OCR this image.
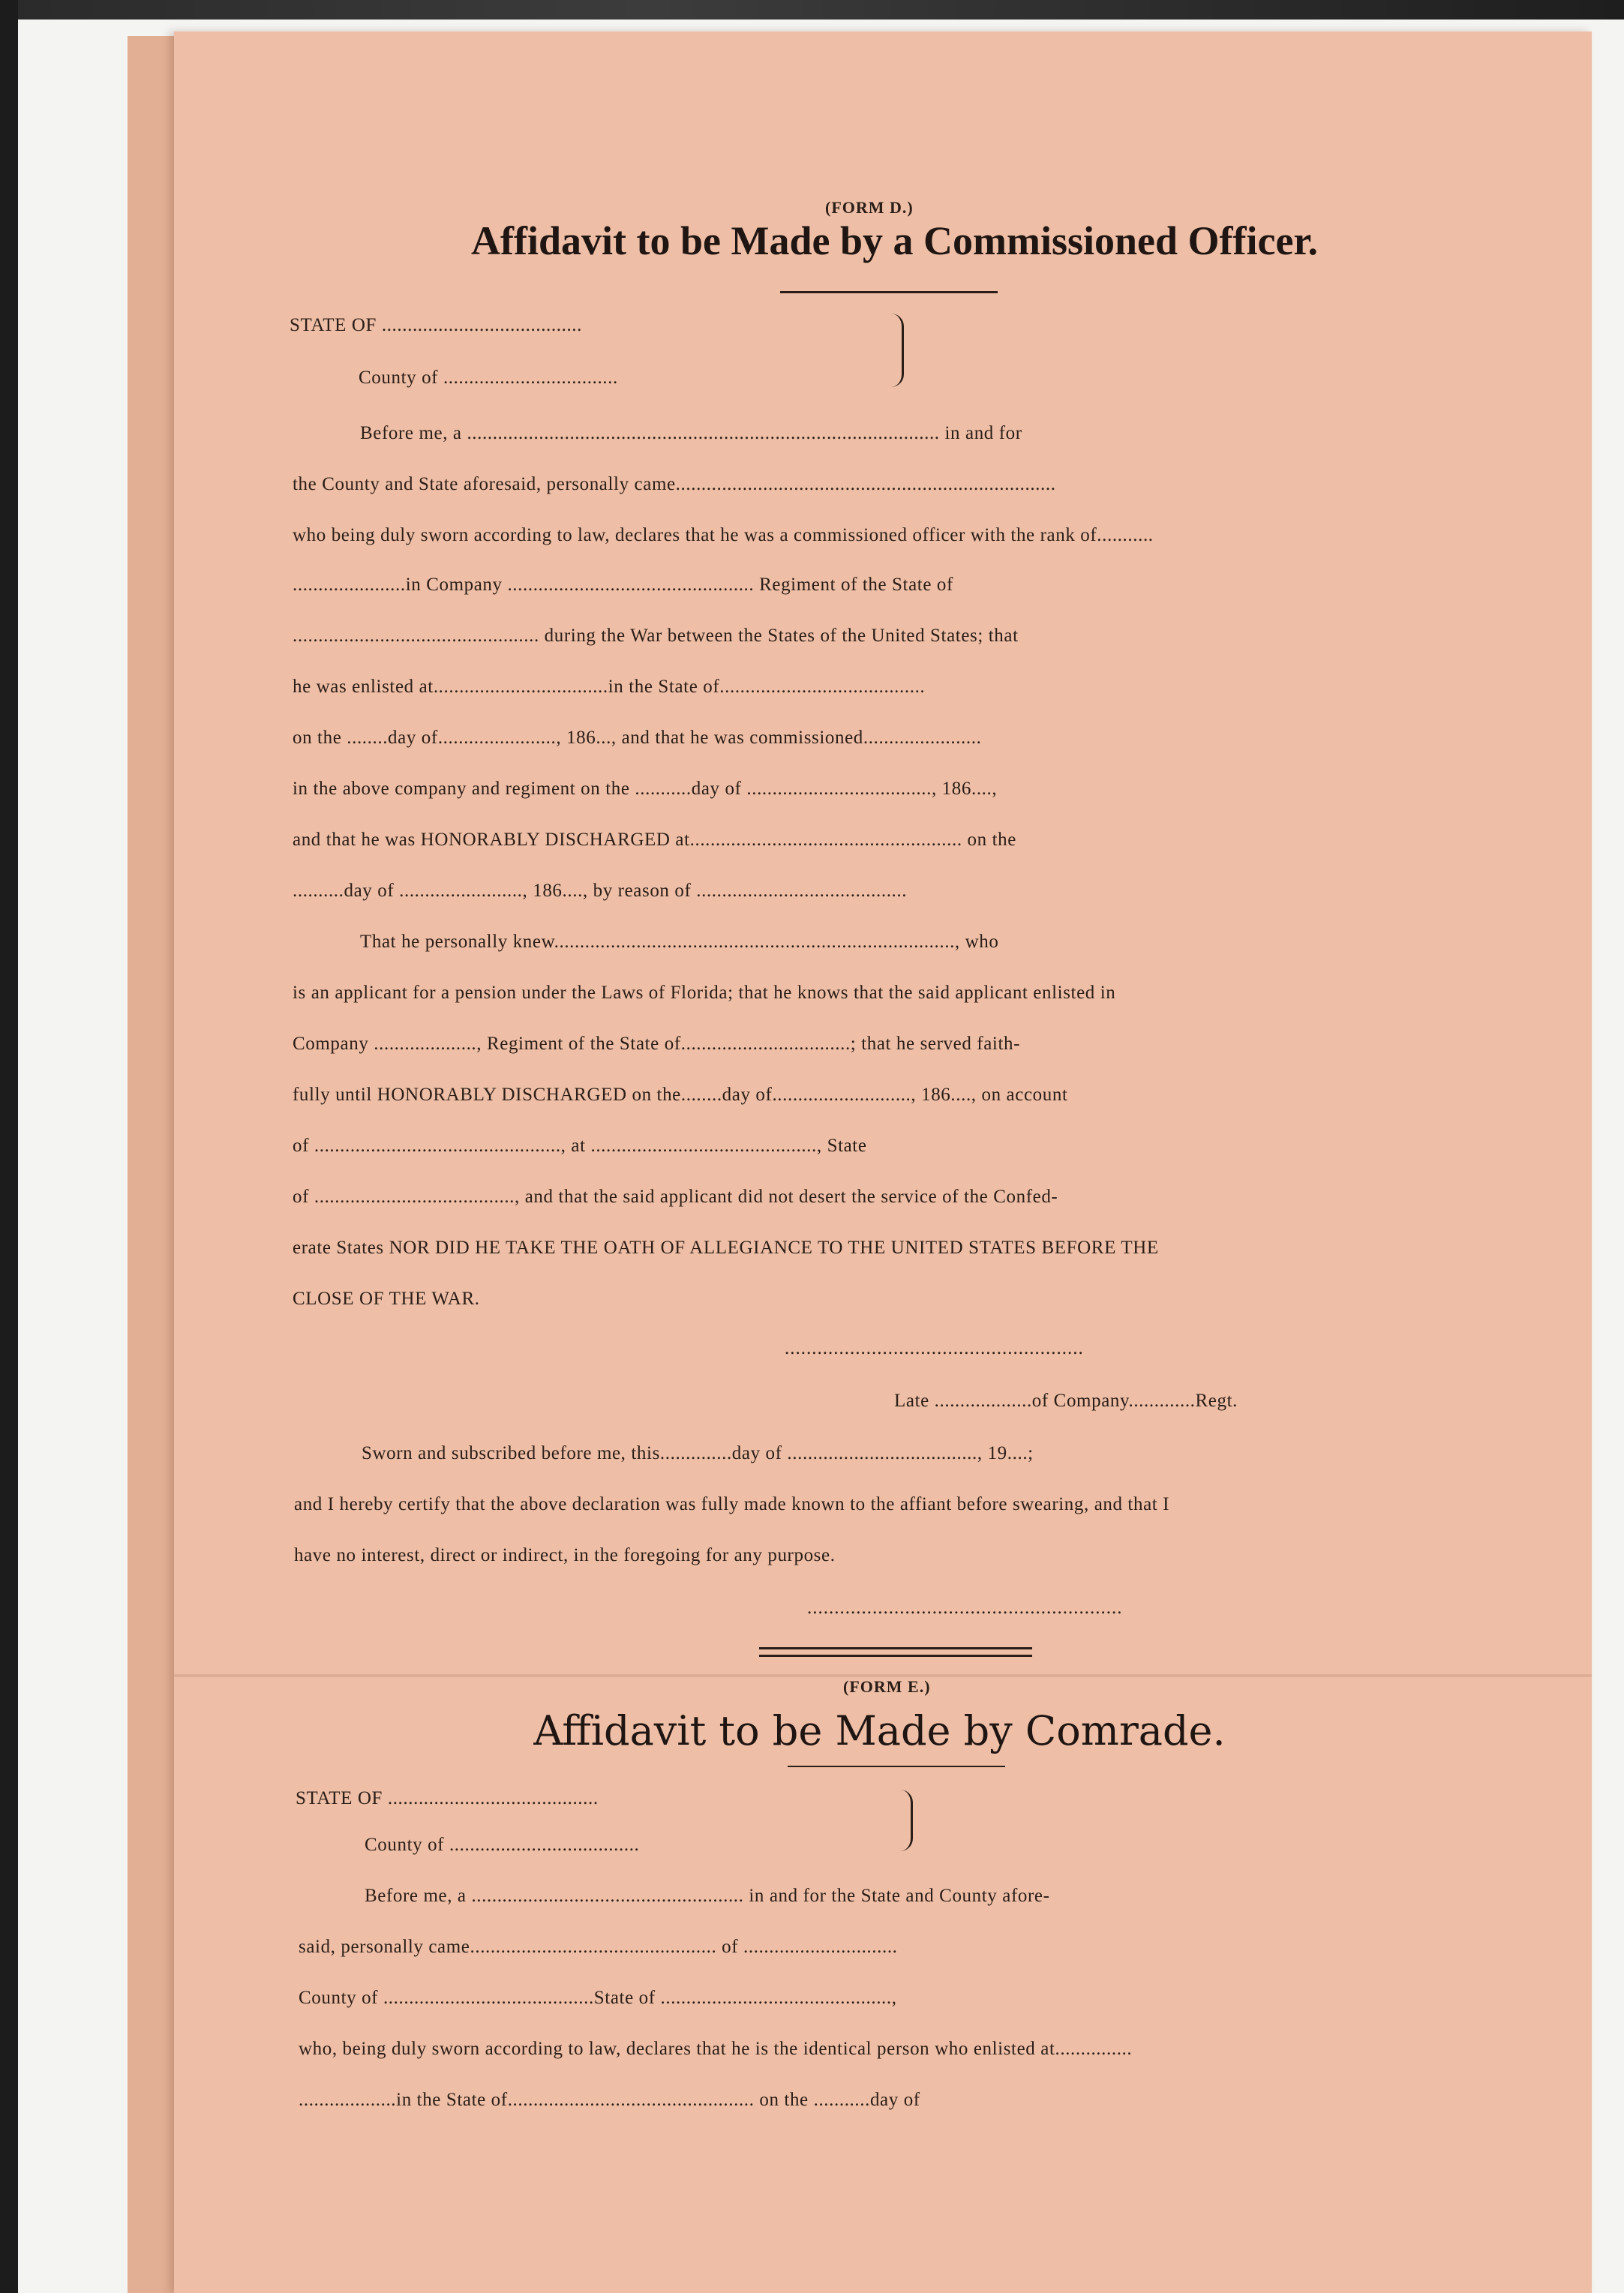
(FORM D.)
Affidavit to be Made by a Commissioned Officer.
STATE OF .......................................
County of ..................................
Before me, a ............................................................................................ in and for
the County and State aforesaid, personally came..........................................................................
who being duly sworn according to law, declares that he was a commissioned officer with the rank of...........
......................in Company ................................................ Regiment of the State of
................................................ during the War between the States of the United States; that
he was enlisted at..................................in the State of........................................
on the ........day of......................., 186..., and that he was commissioned.......................
in the above company and regiment on the ...........day of ...................................., 186....,
and that he was HONORABLY DISCHARGED at..................................................... on the
..........day of ........................, 186...., by reason of .........................................
That he personally knew.............................................................................., who
is an applicant for a pension under the Laws of Florida; that he knows that the said applicant enlisted in
Company ...................., Regiment of the State of.................................; that he served faith-
fully until HONORABLY DISCHARGED on the........day of..........................., 186...., on account
of ................................................, at ............................................, State
of ......................................., and that the said applicant did not desert the service of the Confed-
erate States NOR DID HE TAKE THE OATH OF ALLEGIANCE TO THE UNITED STATES BEFORE THE
CLOSE OF THE WAR.
.......................................................
Late ...................of Company.............Regt.
Sworn and subscribed before me, this..............day of ....................................., 19....;
and I hereby certify that the above declaration was fully made known to the affiant before swearing, and that I
have no interest, direct or indirect, in the foregoing for any purpose.
..........................................................
(FORM E.)
Affidavit to be Made by Comrade.
STATE OF .........................................
County of .....................................
Before me, a ..................................................... in and for the State and County afore-
said, personally came................................................ of ..............................
County of .........................................State of .............................................,
who, being duly sworn according to law, declares that he is the identical person who enlisted at...............
...................in the State of................................................ on the ...........day of
